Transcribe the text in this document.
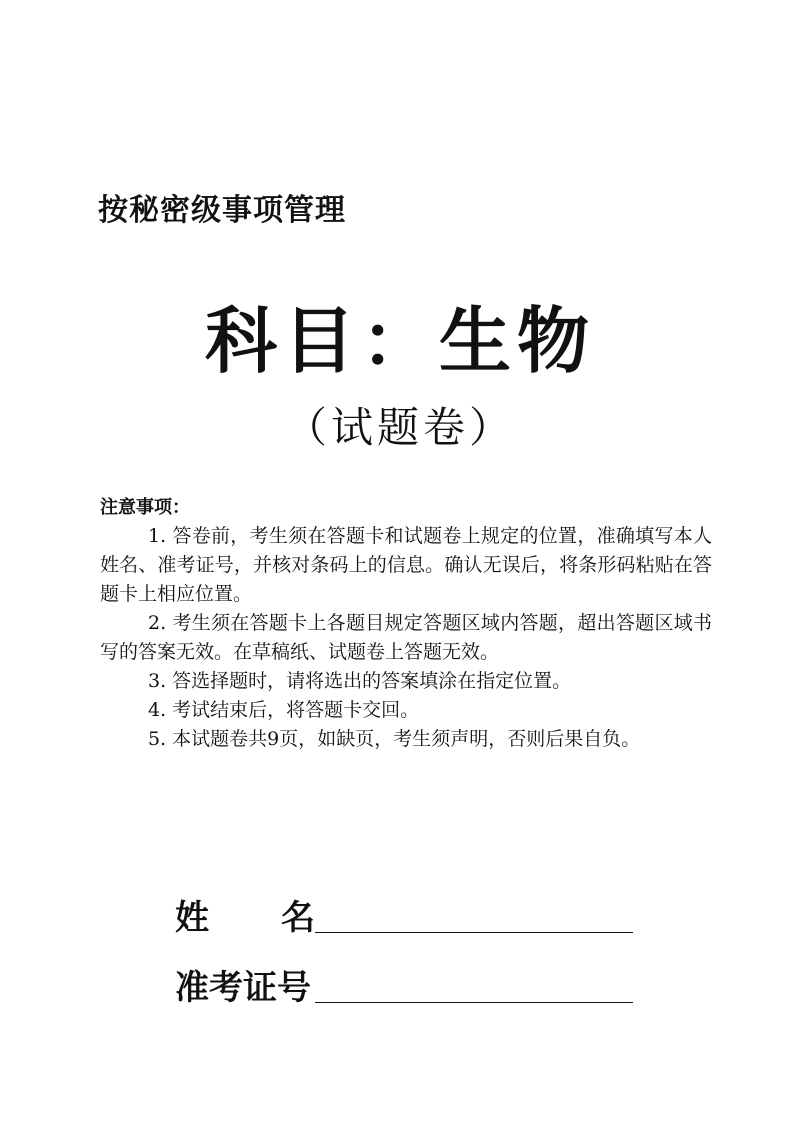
按秘密级事项管理
科目：生物
（试题卷）
注意事项：

1. 答卷前，考生须在答题卡和试题卷上规定的位置，准确填写本人姓名、准考证号，并核对条码上的信息。确认无误后，将条形码粘贴在答题卡上相应位置。

2. 考生须在答题卡上各题目规定答题区域内答题，超出答题区域书写的答案无效。在草稿纸、试题卷上答题无效。

3. 答选择题时，请将选出的答案填涂在指定位置。

4. 考试结束后，将答题卡交回。

5. 本试题卷共9页，如缺页，考生须声明，否则后果自负。

姓 名
准考证号
